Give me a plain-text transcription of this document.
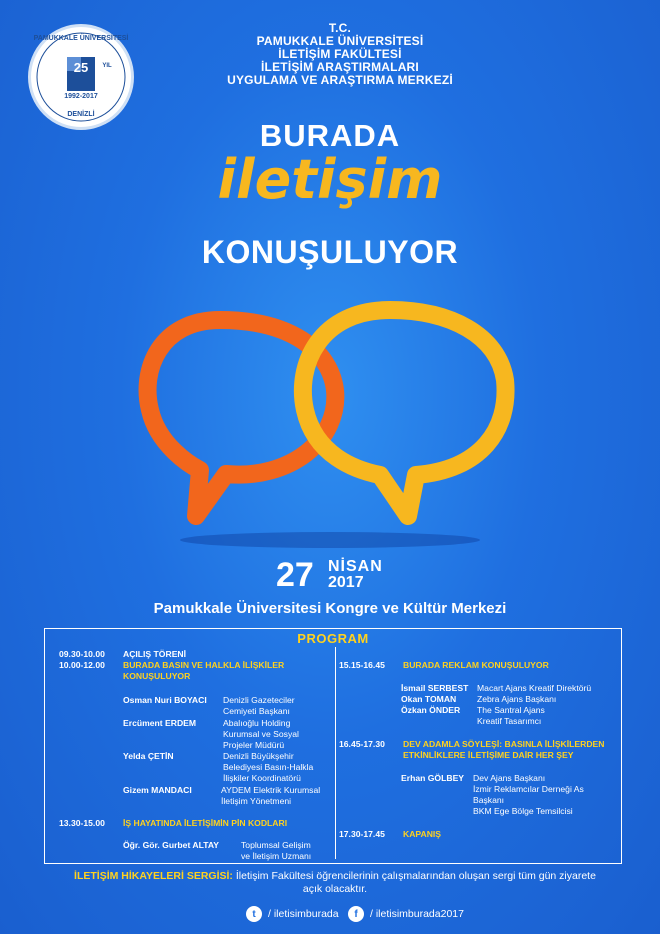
PAMUKKALE ÜNİVERSİTESİ
25	YIL
1992-2017
DENİZLİ
T.C.
PAMUKKALE ÜNİVERSİTESİ
İLETİŞİM FAKÜLTESİ
İLETİŞİM ARAŞTIRMALARI
UYGULAMA VE ARAŞTIRMA MERKEZİ
BURADA
iletişim
KONUŞULUYOR
27 NİSAN
2017
Pamukkale Üniversitesi Kongre ve Kültür Merkezi
PROGRAM
09.30-10.00 AÇILIŞ TÖRENİ
10.00-12.00 BURADA BASIN VE HALKLA İLİŞKİLER
KONUŞULUYOR
Osman Nuri BOYACI Denizli Gazeteciler
Cemiyeti Başkanı
Ercüment ERDEM	Abalıoğlu Holding
Kurumsal ve Sosyal
Projeler Müdürü
Yelda ÇETİN	Denizli Büyükşehir
Belediyesi Basın-Halkla
İlişkiler Koordinatörü
Gizem MANDACI	AYDEM Elektrik Kurumsal
İletişim Yönetmeni
13.30-15.00 İŞ HAYATINDA İLETİŞİMİN PİN KODLARI
Öğr. Gör. Gurbet ALTAY	Toplumsal Gelişim
ve İletişim Uzmanı
15.15-16.45 BURADA REKLAM KONUŞULUYOR
İsmail SERBEST Macart Ajans Kreatif Direktörü
Okan TOMAN Zebra Ajans Başkanı
Özkan ÖNDER The Santral Ajans
Kreatif Tasarımcı
16.45-17.30 DEV ADAMLA SÖYLEŞİ: BASINLA İLİŞKİLERDEN
ETKİNLİKLERE İLETİŞİME DAİR HER ŞEY
Erhan GÖLBEY Dev Ajans Başkanı
İzmir Reklamcılar Derneği As
Başkanı
BKM Ege Bölge Temsilcisi
17.30-17.45 KAPANIŞ
İLETİŞİM HİKAYELERİ SERGİSİ: İletişim Fakültesi öğrencilerinin çalışmalarından oluşan sergi tüm gün ziyarete
açık olacaktır.
t	/ iletisimburada	f	/ iletisimburada2017
